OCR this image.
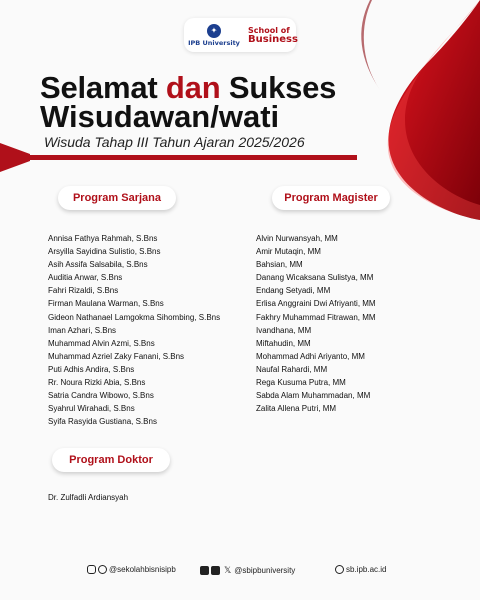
✦
IPB University
School of
Business
Selamat dan Sukses
Wisudawan/wati

Wisuda Tahap III Tahun Ajaran 2025/2026

Program Sarjana	Program Magister
Program Doktor
Annisa Fathya Rahmah, S.Bns
Arsyilla Sayidina Sulistio, S.Bns
Asih Assifa Salsabila, S.Bns
Auditia Anwar, S.Bns
Fahri Rizaldi, S.Bns
Firman Maulana Warman, S.Bns
Gideon Nathanael Lamgokma Sihombing, S.Bns
Iman Azhari, S.Bns
Muhammad Alvin Azmi, S.Bns
Muhammad Azriel Zaky Fanani, S.Bns
Puti Adhis Andira, S.Bns
Rr. Noura Rizki Abia, S.Bns
Satria Candra Wibowo, S.Bns
Syahrul Wirahadi, S.Bns
Syifa Rasyida Gustiana, S.Bns
Alvin Nurwansyah, MM
Amir Mutaqin, MM
Bahsian, MM
Danang Wicaksana Sulistya, MM
Endang Setyadi, MM
Erlisa Anggraini Dwi Afriyanti, MM
Fakhry Muhammad Fitrawan, MM
Ivandhana, MM
Miftahudin, MM
Mohammad Adhi Ariyanto, MM
Naufal Rahardi, MM
Rega Kusuma Putra, MM
Sabda Alam Muhammadan, MM
Zalita Allena Putri, MM
Dr. Zulfadli Ardiansyah
@sekolahbisnisipb	𝕏 @sbipbuniversity	sb.ipb.ac.id
